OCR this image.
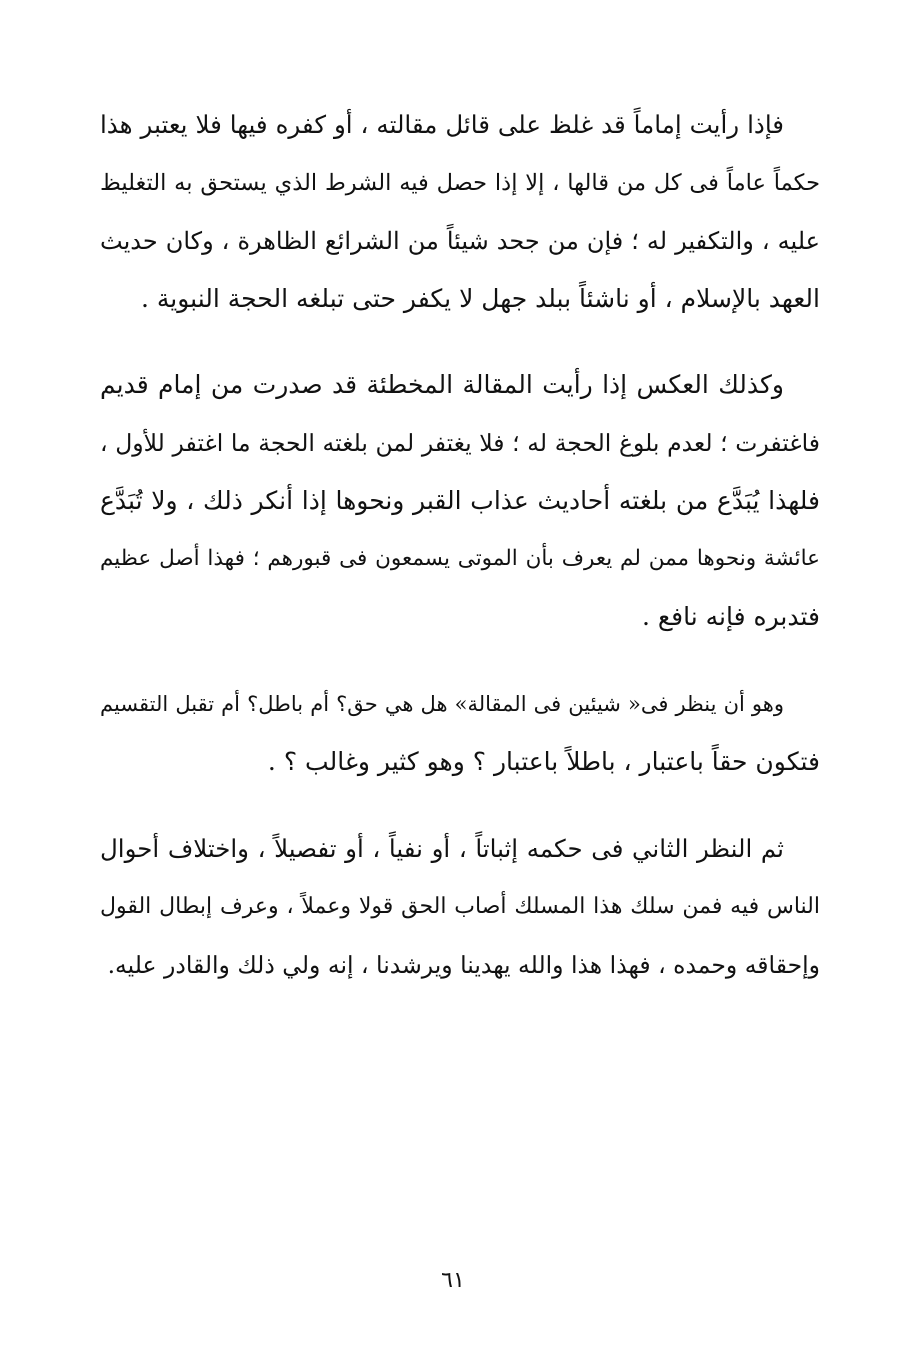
فإذا رأيت إماماً قد غلظ على قائل مقالته ، أو كفره فيها فلا يعتبر هذا
حكماً عاماً فى كل من قالها ، إلا إذا حصل فيه الشرط الذي يستحق به التغليظ
عليه ، والتكفير له ؛ فإن من جحد شيئاً من الشرائع الظاهرة ، وكان حديث
العهد بالإسلام ، أو ناشئاً ببلد جهل لا يكفر حتى تبلغه الحجة النبوية .
وكذلك العكس إذا رأيت المقالة المخطئة قد صدرت من إمام قديم
فاغتفرت ؛ لعدم بلوغ الحجة له ؛ فلا يغتفر لمن بلغته الحجة ما اغتفر للأول ،
فلهذا يُبَدَّع من بلغته أحاديث عذاب القبر ونحوها إذا أنكر ذلك ، ولا تُبَدَّع
عائشة ونحوها ممن لم يعرف بأن الموتى يسمعون فى قبورهم ؛ فهذا أصل عظيم
فتدبره فإنه نافع .
وهو أن ينظر فى« شيئين فى المقالة» هل هي حق؟ أم باطل؟ أم تقبل التقسيم
فتكون حقاً باعتبار ، باطلاً باعتبار ؟ وهو كثير وغالب ؟ .
ثم النظر الثاني فى حكمه إثباتاً ، أو نفياً ، أو تفصيلاً ، واختلاف أحوال
الناس فيه فمن سلك هذا المسلك أصاب الحق قولا وعملاً ، وعرف إبطال القول
وإحقاقه وحمده ، فهذا هذا والله يهدينا ويرشدنا ، إنه ولي ذلك والقادر عليه.
٦١
